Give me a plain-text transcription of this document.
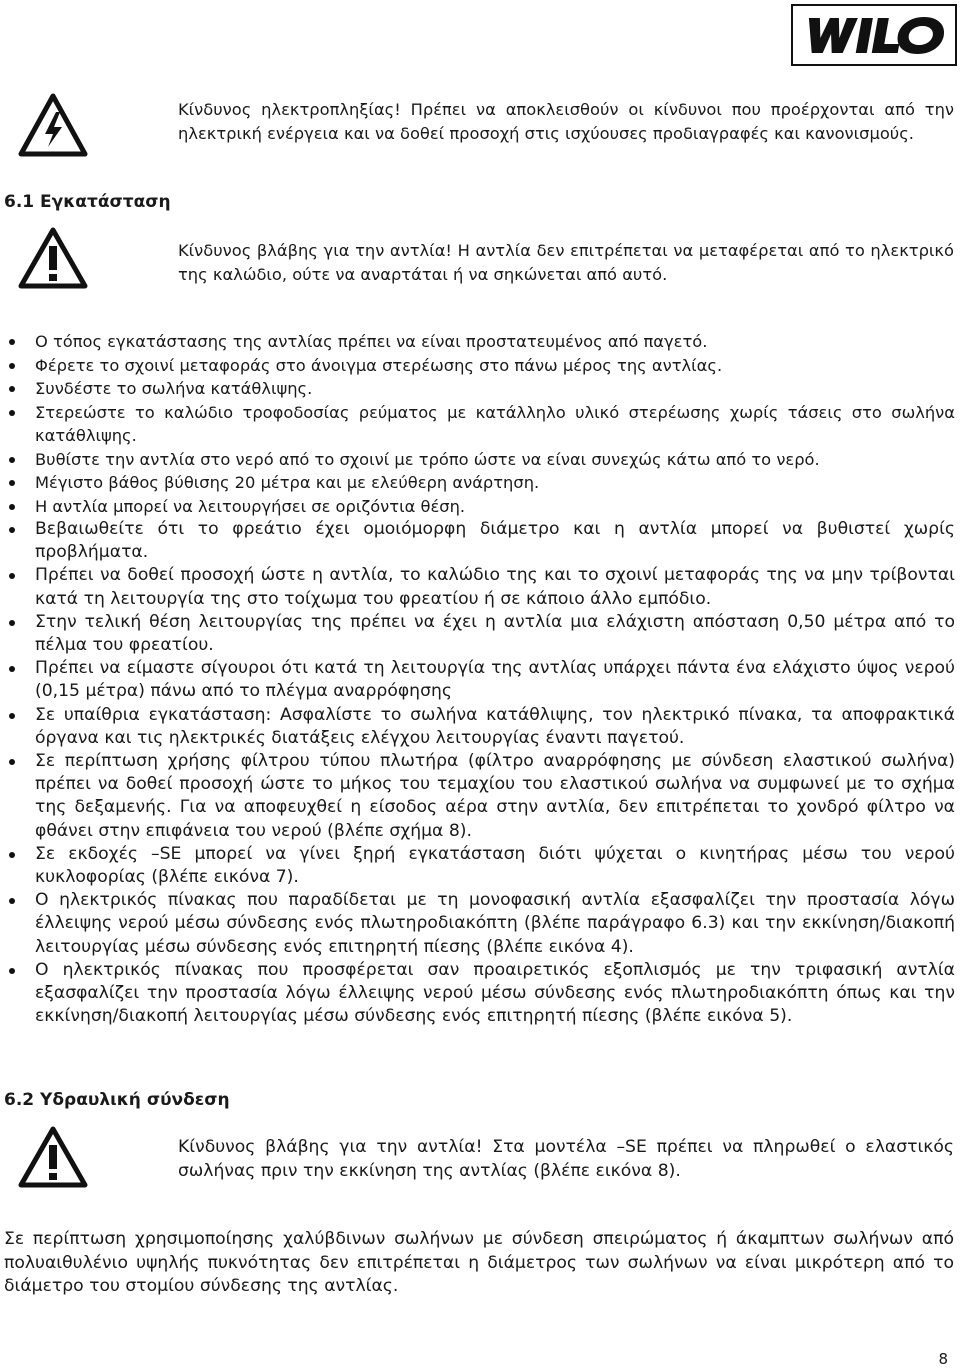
Κίνδυνος ηλεκτροπληξίας! Πρέπει να αποκλεισθούν οι κίνδυνοι που προέρχονται από την ηλεκτρική ενέργεια και να δοθεί προσοχή στις ισχύουσες προδιαγραφές και κανονισμούς.

6.1 Εγκατάσταση

Κίνδυνος βλάβης για την αντλία! Η αντλία δεν επιτρέπεται να μεταφέρεται από το ηλεκτρικό της καλώδιο, ούτε να αναρτάται ή να σηκώνεται από αυτό.

Ο τόπος εγκατάστασης της αντλίας πρέπει να είναι προστατευμένος από παγετό.
Φέρετε το σχοινί μεταφοράς στο άνοιγμα στερέωσης στο πάνω μέρος της αντλίας.
Συνδέστε το σωλήνα κατάθλιψης.
Στερεώστε το καλώδιο τροφοδοσίας ρεύματος με κατάλληλο υλικό στερέωσης χωρίς τάσεις στο σωλήνα κατάθλιψης.
Βυθίστε την αντλία στο νερό από το σχοινί με τρόπο ώστε να είναι συνεχώς κάτω από το νερό.
Μέγιστο βάθος βύθισης 20 μέτρα και με ελεύθερη ανάρτηση.
Η αντλία μπορεί να λειτουργήσει σε οριζόντια θέση.
Βεβαιωθείτε ότι το φρεάτιο έχει ομοιόμορφη διάμετρο και η αντλία μπορεί να βυθιστεί χωρίς προβλήματα.
Πρέπει να δοθεί προσοχή ώστε η αντλία, το καλώδιο της και το σχοινί μεταφοράς της να μην τρίβονται κατά τη λειτουργία της στο τοίχωμα του φρεατίου ή σε κάποιο άλλο εμπόδιο.
Στην τελική θέση λειτουργίας της πρέπει να έχει η αντλία μια ελάχιστη απόσταση 0,50 μέτρα από το πέλμα του φρεατίου.
Πρέπει να είμαστε σίγουροι ότι κατά τη λειτουργία της αντλίας υπάρχει πάντα ένα ελάχιστο ύψος νερού (0,15 μέτρα) πάνω από το πλέγμα αναρρόφησης
Σε υπαίθρια εγκατάσταση: Ασφαλίστε το σωλήνα κατάθλιψης, τον ηλεκτρικό πίνακα, τα αποφρακτικά όργανα και τις ηλεκτρικές διατάξεις ελέγχου λειτουργίας έναντι παγετού.
Σε περίπτωση χρήσης φίλτρου τύπου πλωτήρα (φίλτρο αναρρόφησης με σύνδεση ελαστικού σωλήνα) πρέπει να δοθεί προσοχή ώστε το μήκος του τεμαχίου του ελαστικού σωλήνα να συμφωνεί με το σχήμα της δεξαμενής. Για να αποφευχθεί η είσοδος αέρα στην αντλία, δεν επιτρέπεται το χονδρό φίλτρο να φθάνει στην επιφάνεια του νερού (βλέπε σχήμα 8).
Σε εκδοχές –SE μπορεί να γίνει ξηρή εγκατάσταση διότι ψύχεται ο κινητήρας μέσω του νερού κυκλοφορίας (βλέπε εικόνα 7).
Ο ηλεκτρικός πίνακας που παραδίδεται με τη μονοφασική αντλία εξασφαλίζει την προστασία λόγω έλλειψης νερού μέσω σύνδεσης ενός πλωτηροδιακόπτη (βλέπε παράγραφο 6.3) και την εκκίνηση/διακοπή λειτουργίας μέσω σύνδεσης ενός επιτηρητή πίεσης (βλέπε εικόνα 4).
Ο ηλεκτρικός πίνακας που προσφέρεται σαν προαιρετικός εξοπλισμός με την τριφασική αντλία εξασφαλίζει την προστασία λόγω έλλειψης νερού μέσω σύνδεσης ενός πλωτηροδιακόπτη όπως και την εκκίνηση/διακοπή λειτουργίας μέσω σύνδεσης ενός επιτηρητή πίεσης (βλέπε εικόνα 5).
6.2 Υδραυλική σύνδεση

Κίνδυνος βλάβης για την αντλία! Στα μοντέλα –SE πρέπει να πληρωθεί ο ελαστικός σωλήνας πριν την εκκίνηση της αντλίας (βλέπε εικόνα 8).

Σε περίπτωση χρησιμοποίησης χαλύβδινων σωλήνων με σύνδεση σπειρώματος ή άκαμπτων σωλήνων από πολυαιθυλένιο υψηλής πυκνότητας δεν επιτρέπεται η διάμετρος των σωλήνων να είναι μικρότερη από το διάμετρο του στομίου σύνδεσης της αντλίας.

8
